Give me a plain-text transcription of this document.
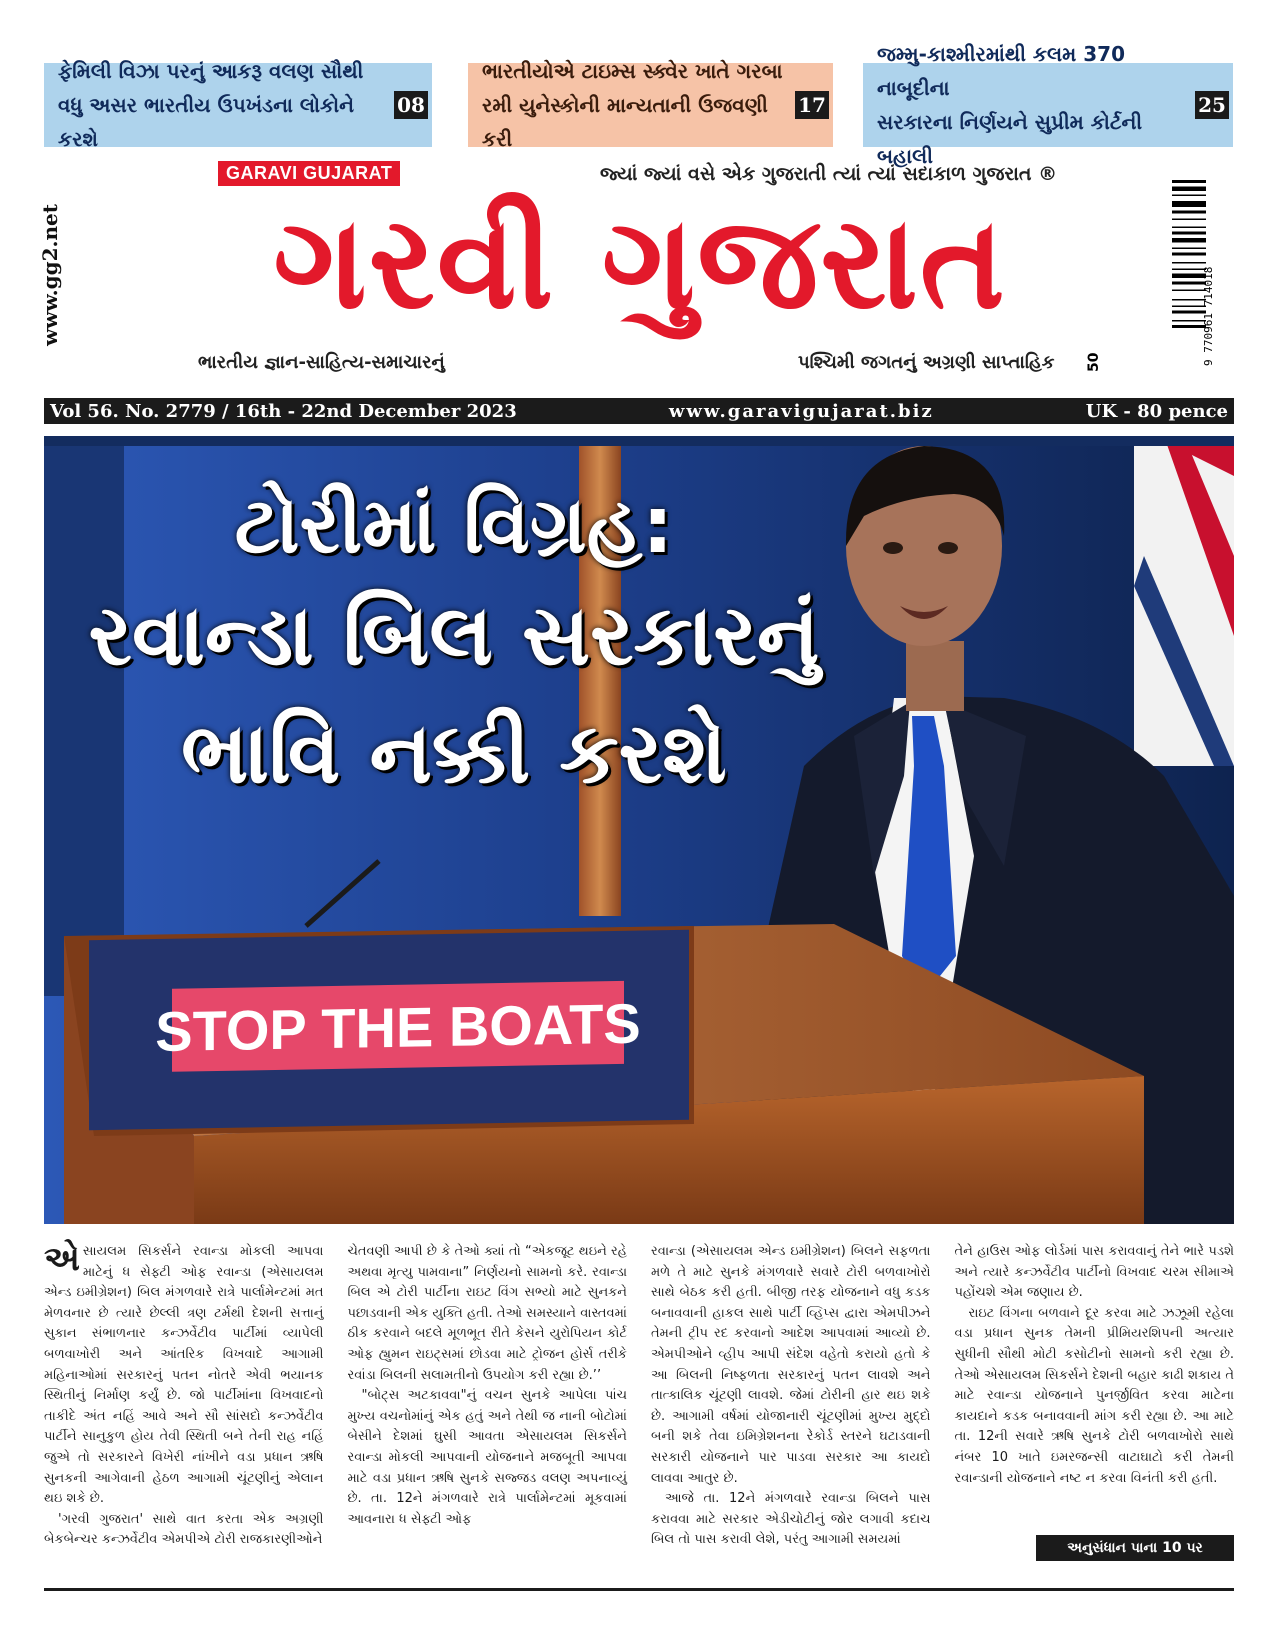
ફેમિલી વિઝા પરનું આકરૂ વલણ સૌથી
વધુ અસર ભારતીય ઉપખંડના લોકોને કરશે
08
ભારતીયોએ ટાઇમ્સ સ્ક્વેર ખાતે ગરબા
રમી યુનેસ્કોની માન્યતાની ઉજવણી કરી
17
જમ્મુ-કાશ્મીરમાંથી કલમ 370 નાબૂદીના
સરકારના નિર્ણયને સુપ્રીમ કોર્ટની બહાલી
25
www.gg2.net
GARAVI GUJARAT	જ્યાં જ્યાં વસે એક ગુજરાતી ત્યાં ત્યાં સદાકાળ ગુજરાત ®
ગરવી ગુજરાત
ભારતીય જ્ઞાન-સાહિત્ય-સમાચારનું	પશ્ચિમી જગતનું અગ્રણી સાપ્તાહિક 50	9 770961 714018
Vol 56. No. 2779 / 16th - 22nd December 2023	www.garavigujarat.biz	UK - 80 pence
STOP THE BOATS
ટોરીમાં વિગ્રહ:
રવાન્ડા બિલ સરકારનું
ભાવિ નક્કી કરશે

એસાયલમ સિકર્સને રવાન્ડા મોકલી આપવા માટેનું ધ સેફ્ટી ઓફ રવાન્ડા (એસાયલમ એન્ડ ઇમીગ્રેશન) બિલ મંગળવારે રાત્રે પાર્લામેન્ટમાં મત મેળવનાર છે ત્યારે છેલ્લી ત્રણ ટર્મથી દેશની સત્તાનું સુકાન સંભાળનાર કન્ઝર્વેટીવ પાર્ટીમાં વ્યાપેલી બળવાખોરી અને આંતરિક વિખવાદે આગામી મહિનાઓમાં સરકારનું પતન નોતરે એવી ભયાનક સ્થિતીનું નિર્માણ કર્યું છે. જો પાર્ટીમાંના વિખવાદનો તાકીદે અંત નહિં આવે અને સૌ સાંસદો કન્ઝર્વેટીવ પાર્ટીને સાનુકુળ હોય તેવી સ્થિતી બને તેની રાહ નહિં જુએ તો સરકારને વિખેરી નાંખીને વડા પ્રધાન ઋષિ સુનકની આગેવાની હેઠળ આગામી ચૂંટણીનું એલાન થઇ શકે છે.

'ગરવી ગુજરાત' સાથે વાત કરતા એક અગ્રણી બેકબેન્ચર કન્ઝર્વેટીવ એમપીએ ટોરી રાજકારણીઓને

ચેતવણી આપી છે કે તેઓ ક્યાં તો “એકજૂટ થઇને રહે અથવા મૃત્યુ પામવાના” નિર્ણયનો સામનો કરે. રવાન્ડા બિલ એ ટોરી પાર્ટીના રાઇટ વિંગ સભ્યો માટે સુનકને પછાડવાની એક યુક્તિ હતી. તેઓ સમસ્યાને વાસ્તવમાં ઠીક કરવાને બદલે મૂળભૂત રીતે કેસને યુરોપિયન કોર્ટ ઓફ હ્યુમન રાઇટ્સમાં છોડવા માટે ટ્રોજન હોર્સ તરીકે રવાંડા બિલની સલામતીનો ઉપયોગ કરી રહ્યા છે.’’

"બોટ્સ અટકાવવા"નું વચન સુનકે આપેલા પાંચ મુખ્ય વચનોમાંનું એક હતું અને તેથી જ નાની બોટોમાં બેસીને દેશમાં ઘુસી આવતા એસાયલમ સિકર્સને રવાન્ડા મોકલી આપવાની યોજનાને મજબૂતી આપવા માટે વડા પ્રધાન ઋષિ સુનકે સજ્જડ વલણ અપનાવ્યું છે. તા. 12ને મંગળવારે રાત્રે પાર્લામેન્ટમાં મૂકવામાં આવનારા ધ સેફ્ટી ઓફ

રવાન્ડા (એસાયલમ એન્ડ ઇમીગ્રેશન) બિલને સફળતા મળે તે માટે સુનકે મંગળવારે સવારે ટોરી બળવાખોરો સાથે બેઠક કરી હતી. બીજી તરફ યોજનાને વધુ કડક બનાવવાની હાકલ સાથે પાર્ટી વ્હિપ્સ દ્વારા એમપીઝને તેમની ટ્રીપ રદ કરવાનો આદેશ આપવામાં આવ્યો છે. એમપીઓને વ્હીપ આપી સંદેશ વહેતો કરાયો હતો કે આ બિલની નિષ્ફળતા સરકારનું પતન લાવશે અને તાત્કાલિક ચૂંટણી લાવશે. જેમાં ટોરીની હાર થઇ શકે છે. આગામી વર્ષમાં યોજાનારી ચૂંટણીમાં મુખ્ય મુદ્દો બની શકે તેવા ઇમિગ્રેશનના રેકોર્ડ સ્તરને ઘટાડવાની સરકારી યોજનાને પાર પાડવા સરકાર આ કાયદો લાવવા આતુર છે.

આજે તા. 12ને મંગળવારે રવાન્ડા બિલને પાસ કરાવવા માટે સરકાર એડીચોટીનું જોર લગાવી કદાચ બિલ તો પાસ કરાવી લેશે, પરંતુ આગામી સમયમાં

તેને હાઉસ ઓફ લોર્ડમાં પાસ કરાવવાનું તેને ભારે પડશે અને ત્યારે કન્ઝર્વેટીવ પાર્ટીનો વિખવાદ ચરમ સીમાએ પહોંચશે એમ જણાય છે.

રાઇટ વિંગના બળવાને દૂર કરવા માટે ઝઝૂમી રહેલા વડા પ્રધાન સુનક તેમની પ્રીમિયરશિપની અત્યાર સુધીની સૌથી મોટી કસોટીનો સામનો કરી રહ્યા છે. તેઓ એસાયલમ સિકર્સને દેશની બહાર કાઢી શકાય તે માટે રવાન્ડા યોજનાને પુનર્જીવિત કરવા માટેના કાયદાને કડક બનાવવાની માંગ કરી રહ્યા છે. આ માટે તા. 12ની સવારે ઋષિ સુનકે ટોરી બળવાખોરો સાથે નંબર 10 ખાતે ઇમરજન્સી વાટાઘાટો કરી તેમની રવાન્ડાની યોજનાને નષ્ટ ન કરવા વિનંતી કરી હતી.

અનુસંધાન પાના 10 પર
